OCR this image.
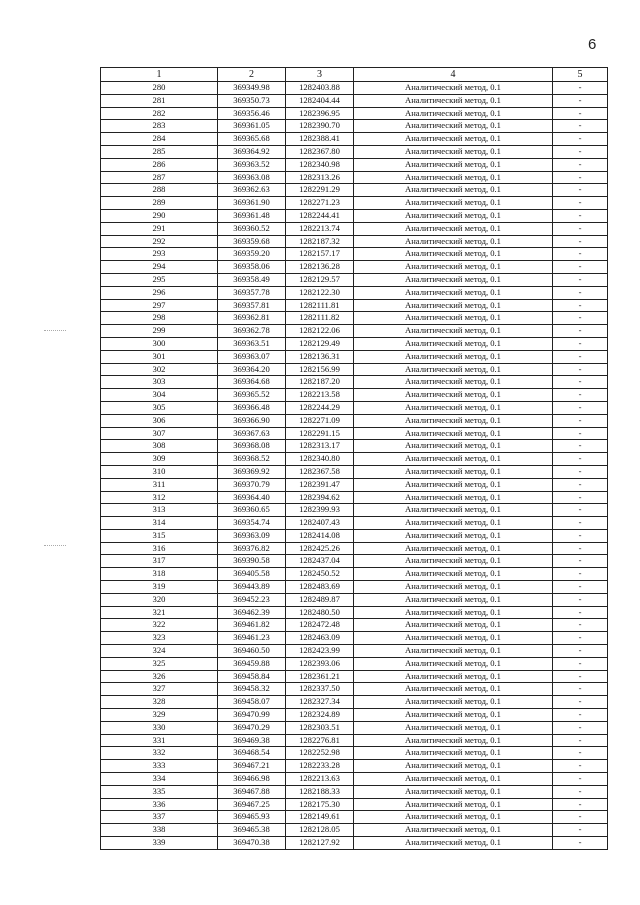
6
1	2	3	4	5
280	369349.98	1282403.88	Аналитический метод, 0.1	-
281	369350.73	1282404.44	Аналитический метод, 0.1	-
282	369356.46	1282396.95	Аналитический метод, 0.1	-
283	369361.05	1282390.70	Аналитический метод, 0.1	-
284	369365.68	1282388.41	Аналитический метод, 0.1	-
285	369364.92	1282367.80	Аналитический метод, 0.1	-
286	369363.52	1282340.98	Аналитический метод, 0.1	-
287	369363.08	1282313.26	Аналитический метод, 0.1	-
288	369362.63	1282291.29	Аналитический метод, 0.1	-
289	369361.90	1282271.23	Аналитический метод, 0.1	-
290	369361.48	1282244.41	Аналитический метод, 0.1	-
291	369360.52	1282213.74	Аналитический метод, 0.1	-
292	369359.68	1282187.32	Аналитический метод, 0.1	-
293	369359.20	1282157.17	Аналитический метод, 0.1	-
294	369358.06	1282136.28	Аналитический метод, 0.1	-
295	369358.49	1282129.57	Аналитический метод, 0.1	-
296	369357.78	1282122.30	Аналитический метод, 0.1	-
297	369357.81	1282111.81	Аналитический метод, 0.1	-
298	369362.81	1282111.82	Аналитический метод, 0.1	-
299	369362.78	1282122.06	Аналитический метод, 0.1	-
300	369363.51	1282129.49	Аналитический метод, 0.1	-
301	369363.07	1282136.31	Аналитический метод, 0.1	-
302	369364.20	1282156.99	Аналитический метод, 0.1	-
303	369364.68	1282187.20	Аналитический метод, 0.1	-
304	369365.52	1282213.58	Аналитический метод, 0.1	-
305	369366.48	1282244.29	Аналитический метод, 0.1	-
306	369366.90	1282271.09	Аналитический метод, 0.1	-
307	369367.63	1282291.15	Аналитический метод, 0.1	-
308	369368.08	1282313.17	Аналитический метод, 0.1	-
309	369368.52	1282340.80	Аналитический метод, 0.1	-
310	369369.92	1282367.58	Аналитический метод, 0.1	-
311	369370.79	1282391.47	Аналитический метод, 0.1	-
312	369364.40	1282394.62	Аналитический метод, 0.1	-
313	369360.65	1282399.93	Аналитический метод, 0.1	-
314	369354.74	1282407.43	Аналитический метод, 0.1	-
315	369363.09	1282414.08	Аналитический метод, 0.1	-
316	369376.82	1282425.26	Аналитический метод, 0.1	-
317	369390.58	1282437.04	Аналитический метод, 0.1	-
318	369405.58	1282450.52	Аналитический метод, 0.1	-
319	369443.89	1282483.69	Аналитический метод, 0.1	-
320	369452.23	1282489.87	Аналитический метод, 0.1	-
321	369462.39	1282480.50	Аналитический метод, 0.1	-
322	369461.82	1282472.48	Аналитический метод, 0.1	-
323	369461.23	1282463.09	Аналитический метод, 0.1	-
324	369460.50	1282423.99	Аналитический метод, 0.1	-
325	369459.88	1282393.06	Аналитический метод, 0.1	-
326	369458.84	1282361.21	Аналитический метод, 0.1	-
327	369458.32	1282337.50	Аналитический метод, 0.1	-
328	369458.07	1282327.34	Аналитический метод, 0.1	-
329	369470.99	1282324.89	Аналитический метод, 0.1	-
330	369470.29	1282303.51	Аналитический метод, 0.1	-
331	369469.38	1282276.81	Аналитический метод, 0.1	-
332	369468.54	1282252.98	Аналитический метод, 0.1	-
333	369467.21	1282233.28	Аналитический метод, 0.1	-
334	369466.98	1282213.63	Аналитический метод, 0.1	-
335	369467.88	1282188.33	Аналитический метод, 0.1	-
336	369467.25	1282175.30	Аналитический метод, 0.1	-
337	369465.93	1282149.61	Аналитический метод, 0.1	-
338	369465.38	1282128.05	Аналитический метод, 0.1	-
339	369470.38	1282127.92	Аналитический метод, 0.1	-
